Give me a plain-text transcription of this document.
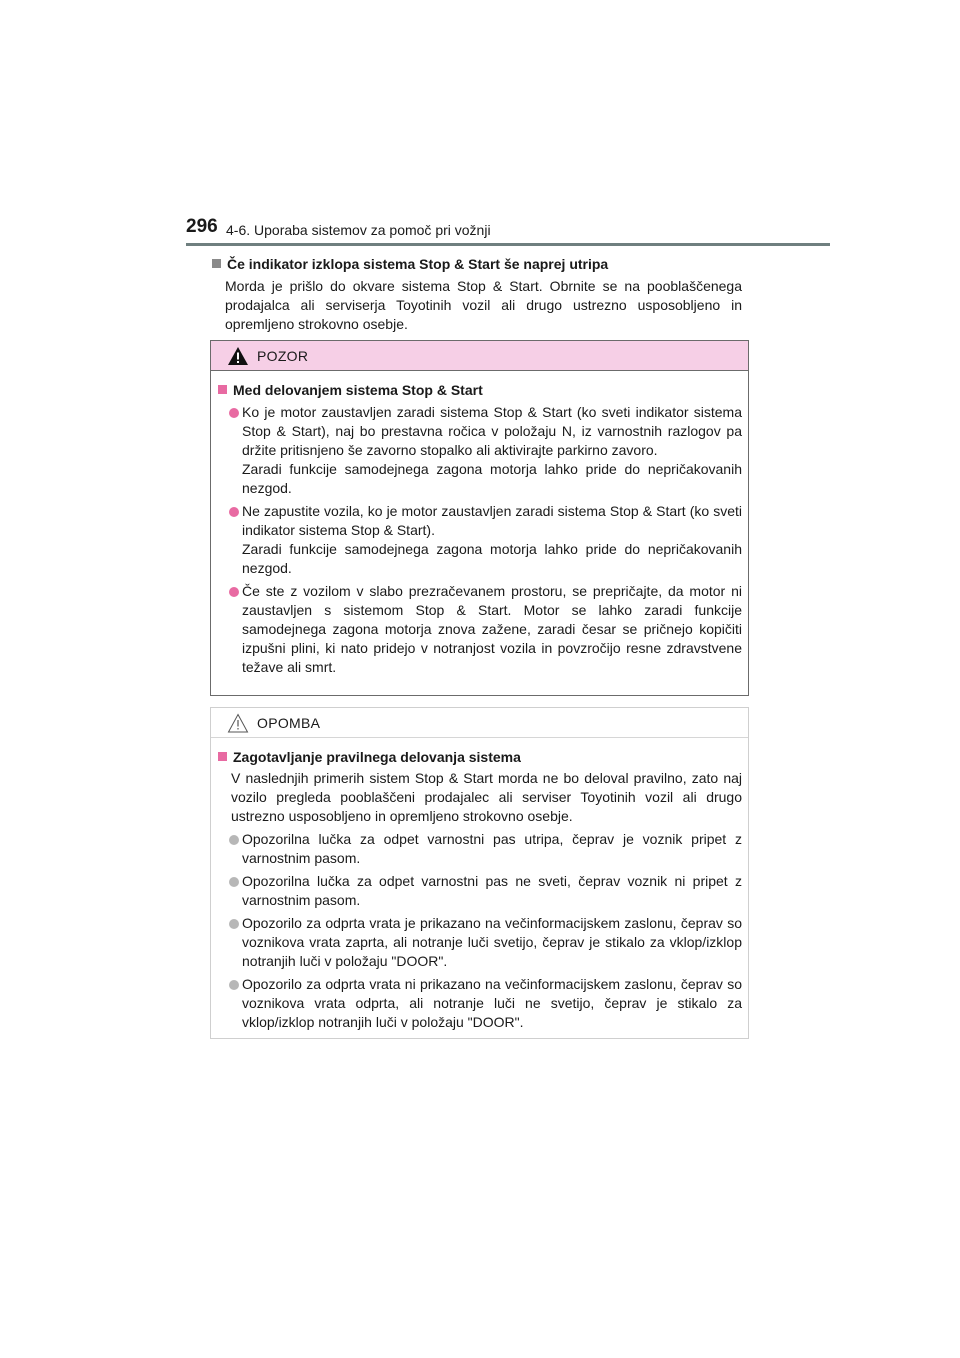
296 4-6. Uporaba sistemov za pomoč pri vožnji
Če indikator izklopa sistema Stop & Start še naprej utripa
Morda je prišlo do okvare sistema Stop & Start. Obrnite se na pooblaščenega prodajalca ali serviserja Toyotinih vozil ali drugo ustrezno usposobljeno in opremljeno strokovno osebje.
POZOR
Med delovanjem sistema Stop & Start
Ko je motor zaustavljen zaradi sistema Stop & Start (ko sveti indikator sistema Stop & Start), naj bo prestavna ročica v položaju N, iz varnostnih razlogov pa držite pritisnjeno še zavorno stopalko ali aktivirajte parkirno zavoro.
Zaradi funkcije samodejnega zagona motorja lahko pride do nepričakovanih nezgod.
Ne zapustite vozila, ko je motor zaustavljen zaradi sistema Stop & Start (ko sveti indikator sistema Stop & Start).
Zaradi funkcije samodejnega zagona motorja lahko pride do nepričakovanih nezgod.
Če ste z vozilom v slabo prezračevanem prostoru, se prepričajte, da motor ni zaustavljen s sistemom Stop & Start. Motor se lahko zaradi funkcije samodejnega zagona motorja znova zažene, zaradi česar se pričnejo kopičiti izpušni plini, ki nato pridejo v notranjost vozila in povzročijo resne zdravstvene težave ali smrt.
OPOMBA
Zagotavljanje pravilnega delovanja sistema
V naslednjih primerih sistem Stop & Start morda ne bo deloval pravilno, zato naj vozilo pregleda pooblaščeni prodajalec ali serviser Toyotinih vozil ali drugo ustrezno usposobljeno in opremljeno strokovno osebje.
Opozorilna lučka za odpet varnostni pas utripa, čeprav je voznik pripet z varnostnim pasom.
Opozorilna lučka za odpet varnostni pas ne sveti, čeprav voznik ni pripet z varnostnim pasom.
Opozorilo za odprta vrata je prikazano na večinformacijskem zaslonu, čeprav so voznikova vrata zaprta, ali notranje luči svetijo, čeprav je stikalo za vklop/izklop notranjih luči v položaju "DOOR".
Opozorilo za odprta vrata ni prikazano na večinformacijskem zaslonu, čeprav so voznikova vrata odprta, ali notranje luči ne svetijo, čeprav je stikalo za vklop/izklop notranjih luči v položaju "DOOR".
